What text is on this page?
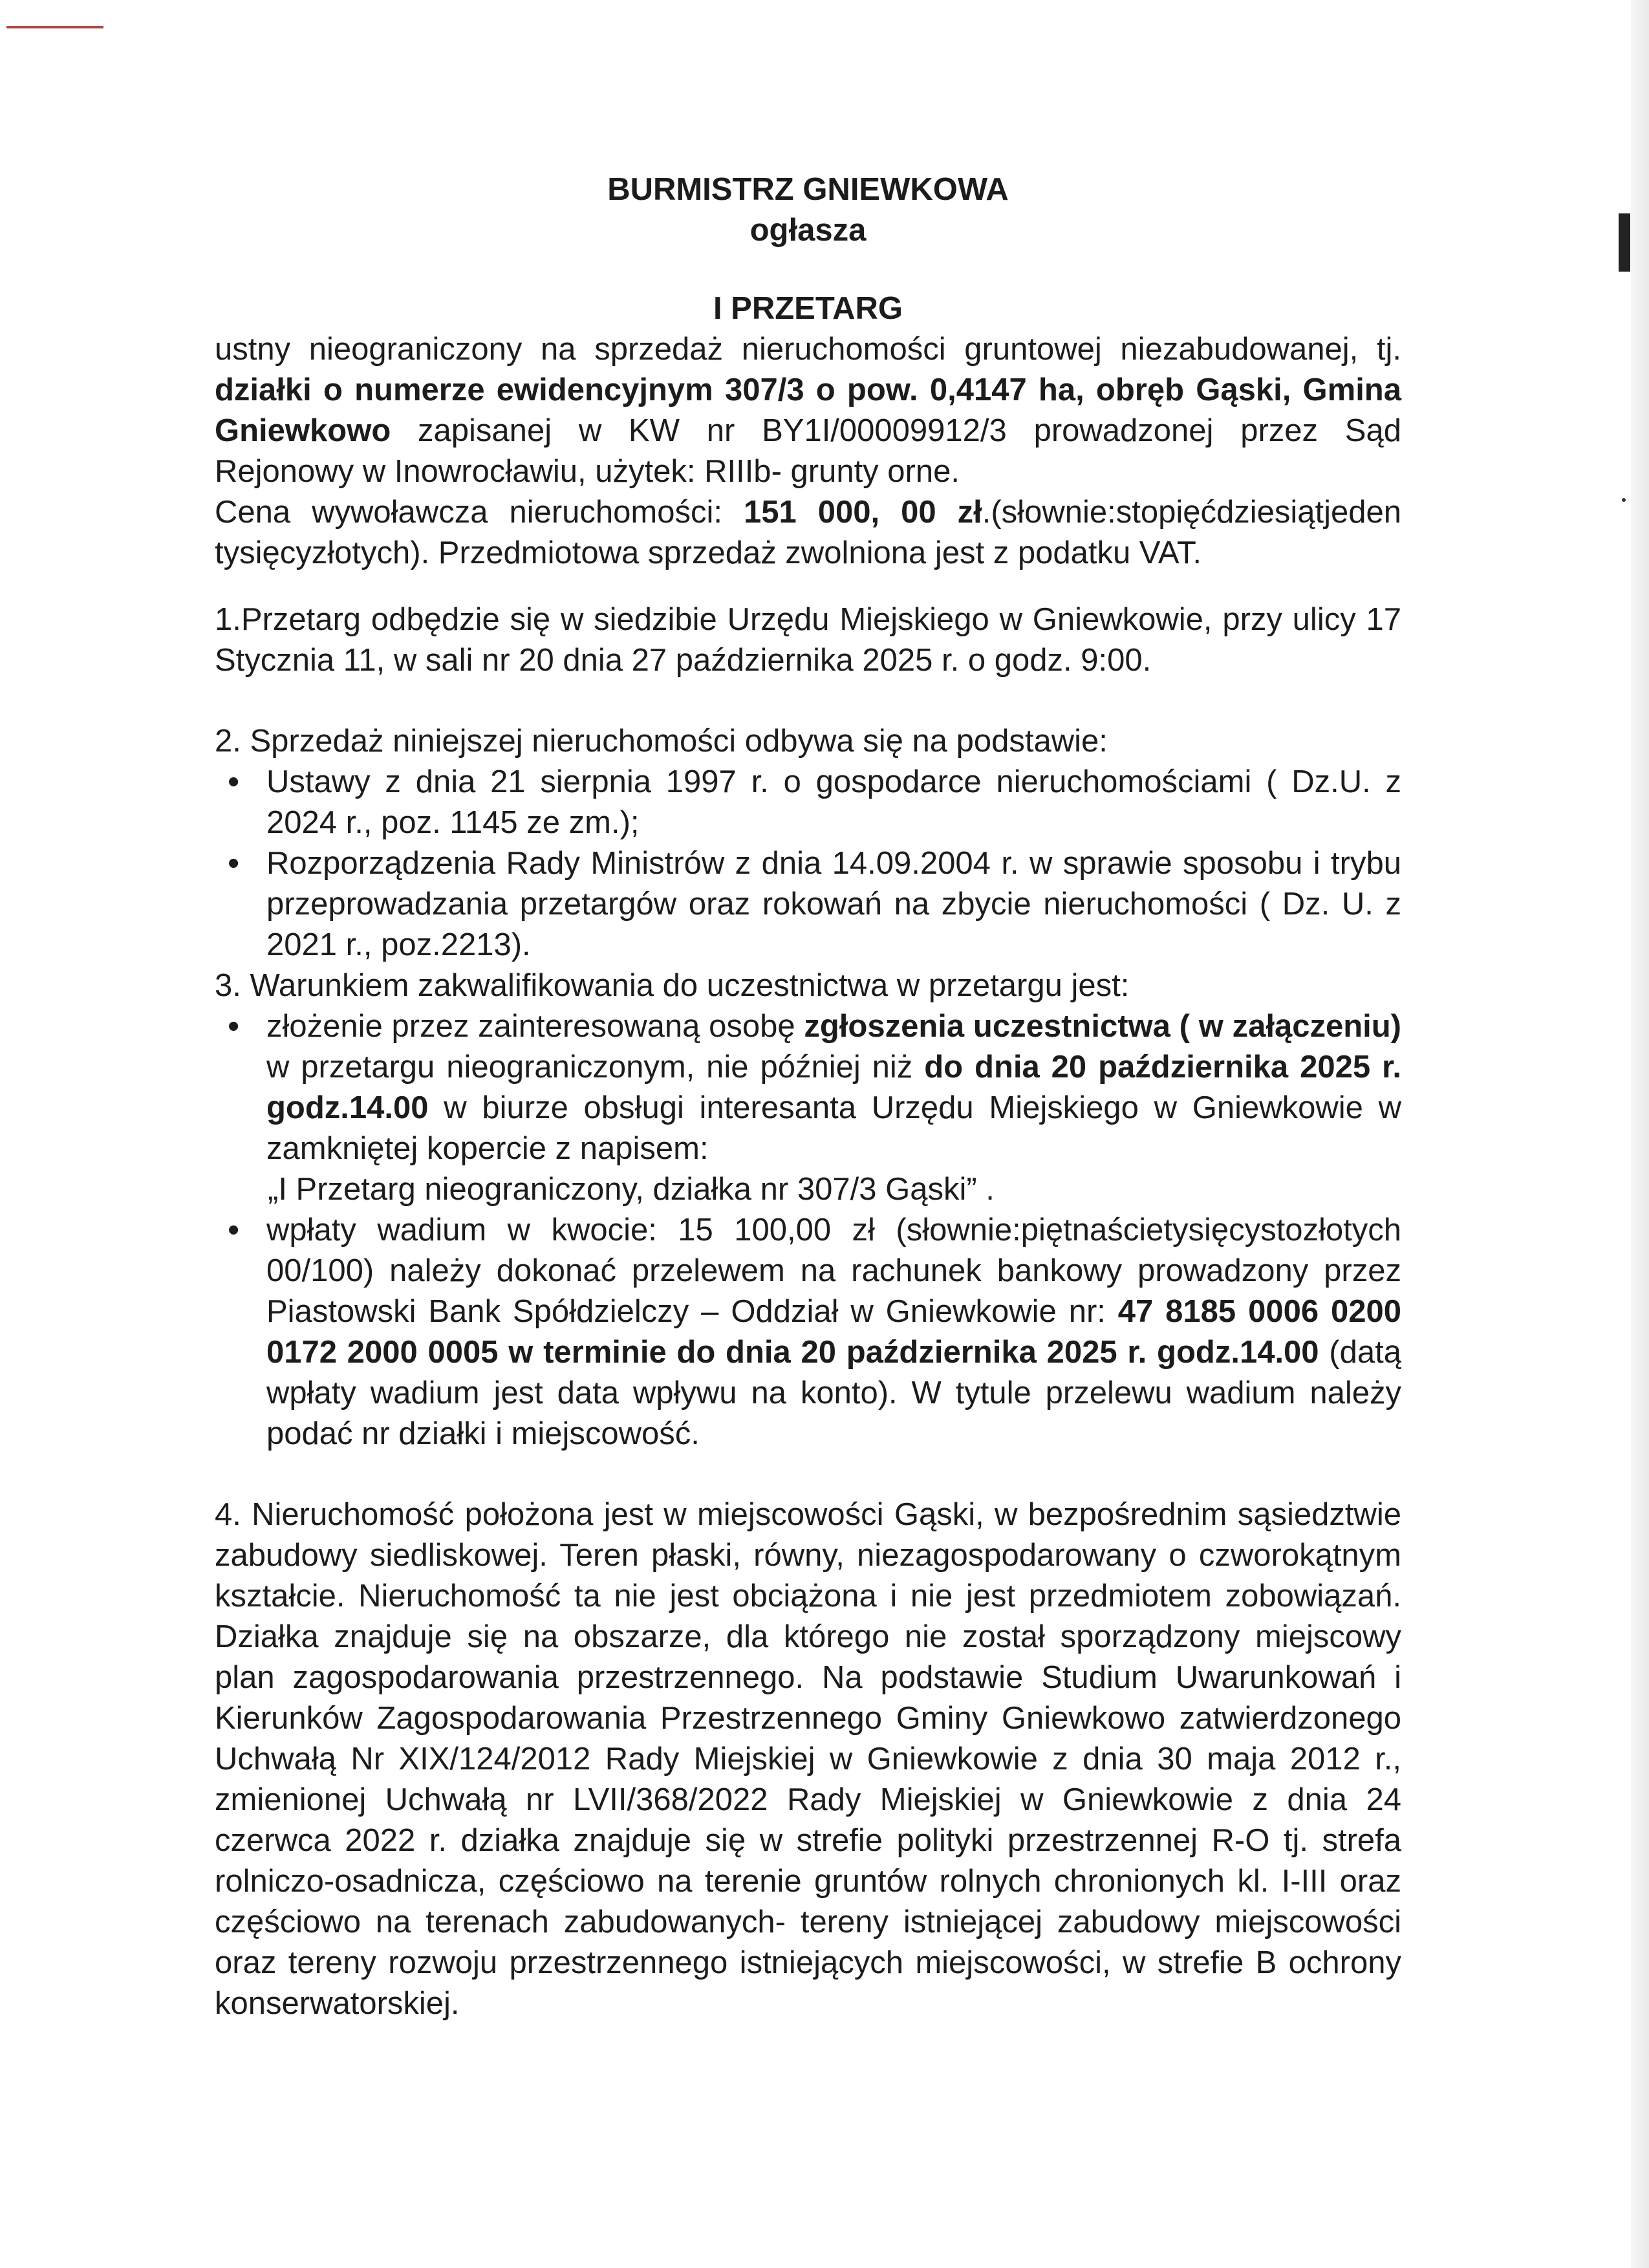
BURMISTRZ GNIEWKOWA

ogłasza

I PRZETARG

ustny nieograniczony na sprzedaż nieruchomości gruntowej niezabudowanej, tj. działki o numerze ewidencyjnym 307/3 o pow. 0,4147 ha, obręb Gąski, Gmina Gniewkowo zapisanej w KW nr BY1I/00009912/3 prowadzonej przez Sąd Rejonowy w Inowrocławiu, użytek: RIIIb- grunty orne.

Cena wywoławcza nieruchomości: 151 000, 00 zł.(słownie:stopięćdziesiątjeden tysięcyzłotych). Przedmiotowa sprzedaż zwolniona jest z podatku VAT.

1.Przetarg odbędzie się w siedzibie Urzędu Miejskiego w Gniewkowie, przy ulicy 17 Stycznia 11, w sali nr 20 dnia 27 października 2025 r. o godz. 9:00.

2. Sprzedaż niniejszej nieruchomości odbywa się na podstawie:

• Ustawy z dnia 21 sierpnia 1997 r. o gospodarce nieruchomościami ( Dz.U. z 2024 r., poz. 1145 ze zm.);
• Rozporządzenia Rady Ministrów z dnia 14.09.2004 r. w sprawie sposobu i trybu przeprowadzania przetargów oraz rokowań na zbycie nieruchomości ( Dz. U. z 2021 r., poz.2213).

3. Warunkiem zakwalifikowania do uczestnictwa w przetargu jest:

• złożenie przez zainteresowaną osobę zgłoszenia uczestnictwa ( w załączeniu) w przetargu nieograniczonym, nie później niż do dnia 20 października 2025 r. godz.14.00 w biurze obsługi interesanta Urzędu Miejskiego w Gniewkowie w zamkniętej kopercie z napisem:

„I Przetarg nieograniczony, działka nr 307/3 Gąski” .

• wpłaty wadium w kwocie: 15 100,00 zł (słownie:piętnaścietysięcystozłotych 00/100) należy dokonać przelewem na rachunek bankowy prowadzony przez Piastowski Bank Spółdzielczy – Oddział w Gniewkowie nr: 47 8185 0006 0200 0172 2000 0005 w terminie do dnia 20 października 2025 r. godz.14.00 (datą wpłaty wadium jest data wpływu na konto). W tytule przelewu wadium należy podać nr działki i miejscowość.

4. Nieruchomość położona jest w miejscowości Gąski, w bezpośrednim sąsiedztwie zabudowy siedliskowej. Teren płaski, równy, niezagospodarowany o czworokątnym kształcie. Nieruchomość ta nie jest obciążona i nie jest przedmiotem zobowiązań. Działka znajduje się na obszarze, dla którego nie został sporządzony miejscowy plan zagospodarowania przestrzennego. Na podstawie Studium Uwarunkowań i Kierunków Zagospodarowania Przestrzennego Gminy Gniewkowo zatwierdzonego Uchwałą Nr XIX/124/2012 Rady Miejskiej w Gniewkowie z dnia 30 maja 2012 r., zmienionej Uchwałą nr LVII/368/2022 Rady Miejskiej w Gniewkowie z dnia 24 czerwca 2022 r. działka znajduje się w strefie polityki przestrzennej R-O tj. strefa rolniczo-osadnicza, częściowo na terenie gruntów rolnych chronionych kl. I-III oraz częściowo na terenach zabudowanych- tereny istniejącej zabudowy miejscowości oraz tereny rozwoju przestrzennego istniejących miejscowości, w strefie B ochrony konserwatorskiej.
